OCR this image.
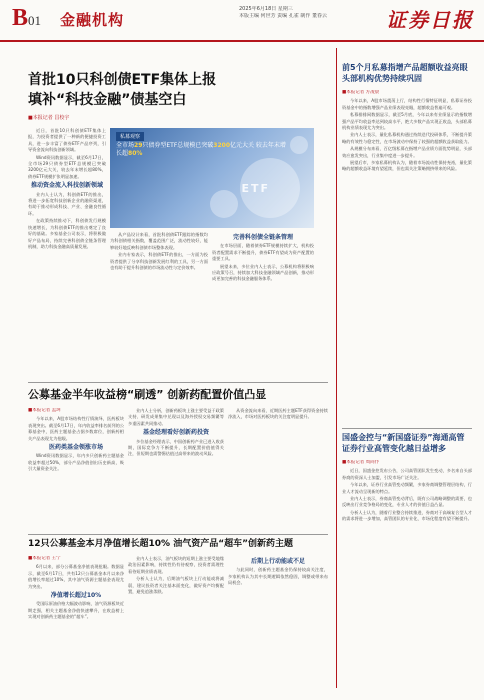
B01 金融机构
2025年6月18日 星期三
本版主编 何世芳 责编 孔雀 制作 董春云	证券日报
首批10只科创债ETF集体上报
填补“科技金融”债基空白
■本报记者 昌校宇
私募观察
全市场29只债券型ETF总规模已突破3200亿元大关 较去年末增长超80%
ETF

近日，首批10只科创债ETF集体上报，为投资者提供了一种新的便捷投资工具，进一步丰富了债券ETF产品序列，引导资金流向科技创新领域。

Wind资讯数据显示，截至6月17日，全市场29只债券型ETF总规模已突破3200亿元大关，较去年末增长超80%，债券ETF规模扩张明显加速。

推动资金流入科技创新领域

业内人士认为，科创债ETF的推出，将进一步拓宽科技创新企业的融资渠道，有助于推动形成科技、产业、金融良性循环。

在政策持续推动下，科创债发行规模快速增长，为科创债ETF的推出奠定了良好的基础。多家基金公司表示，将积极做好产品布局，持续完善科创债全链条管理机制，助力科技金融高质量发展。

从产品设计来看，首批科创债ETF跟踪的指数均为科创债相关指数，覆盖范围广泛，流动性较好，能够较好地反映科创债市场整体表现。

业内专家表示，科创债ETF的推出，一方面为投资者提供了分享科技创新发展红利的工具，另一方面也有助于提升科创债的市场流动性与定价效率。

完善科创债全链条管理

在市场层面，随着债券ETF规模持续扩大，机构投资者配置需求不断提升，债券ETF有望成为资产配置的重要工具。

展望未来，多位业内人士表示，公募机构将积极响应政策号召，持续加大科技金融领域产品创新，推动形成更加完善的科技金融服务体系。

前5个月私募指增产品超额收益亮眼 头部机构优势持续巩固
■本报记者 方凌晨

今年以来，A股市场震荡上行，结构性行情特征明显，私募证券投资基金中的指数增强产品业绩表现亮眼，超额收益普遍可观。

私募排排网数据显示，截至5月底，今年以来有业绩显示的指数增强产品平均收益率达到较高水平，绝大多数产品实现正收益，头部私募机构业绩表现尤为突出。

业内人士表示，量化私募机构通过持续迭代投研体系，不断提升策略的有效性与稳定性，在市场波动中保持了较强的超额收益获取能力。

从规模分布来看，百亿级私募在指增产品业绩方面优势明显，头部效应愈发突出，行业集中度进一步提升。

展望后市，多家私募机构认为，随着市场流动性保持充裕，量化策略的超额收益环境有望延续，但也需关注策略拥挤带来的风险。

国盛金控与“新国盛证券”海通高管 证券行业高管变化越日益增多
■本报记者 周尚伃

近日，国盛金控发布公告，公司高管团队发生变动，多名来自头部券商的资深人士加盟，引发市场广泛关注。

今年以来，证券行业高管变动频繁，多家券商调整管理层结构，行业人才流动呈现新的特点。

业内人士表示，券商高管变动背后，既有公司战略调整的需要，也反映出行业竞争格局的变化，专业人才的价值日益凸显。

分析人士认为，随着行业整合持续推进，券商对于高端复合型人才的需求将进一步增加，高管团队的专业化、市场化程度有望不断提升。

公募基金半年收益榜“刷透” 创新药配置价值凸显
■本报记者 孟珂

今年以来，A股市场结构性行情演绎，医药板块表现突出。截至6月17日，年内收益率排名前列的公募基金中，医药主题基金占据多数席位，创新药相关产品表现尤为抢眼。

医药类基金领涨市场

Wind资讯数据显示，年内多只创新药主题基金收益率超过50%，部分产品净值创出历史新高，吸引大量资金关注。

业内人士分析，创新药板块上涨主要受益于政策支持、研发成果集中兑现以及海外授权交易频繁等多重因素共同推动。

基金经理看好创新药投资

多位基金经理表示，中国创新药产业已进入收获期，国际竞争力不断提升，长期配置价值值得关注，但短期也需警惕估值过高带来的波动风险。

从资金流向来看，近期医药主题ETF获得资金持续净流入，市场对医药板块的关注度明显提升。

12只公募基金本月净值增长超10% 油气资产品“超车”创新药主题
■本报记者 王宁

6月以来，部分公募基金净值表现抢眼。数据显示，截至6月17日，共有12只公募基金本月以来净值增长率超过10%，其中油气资源主题基金表现尤为突出。

净值增长超过10%

受国际原油价格大幅波动影响，油气资源板块近期走强，相关主题基金净值快速攀升，在收益榜上实现对创新药主题基金的“超车”。

业内人士表示，油气板块的短期上涨主要受地缘政治因素影响，持续性仍有待观察，投资者需理性看待短期业绩表现。

分析人士认为，后期油气板块上行动能或将减弱，建议投资者关注基本面变化，做好资产均衡配置，避免追涨杀跌。

后期上行动能或不足

与此同时，创新药主题基金仍保持较高关注度，多家机构认为其中长期逻辑依然稳固，调整或带来布局机会。
